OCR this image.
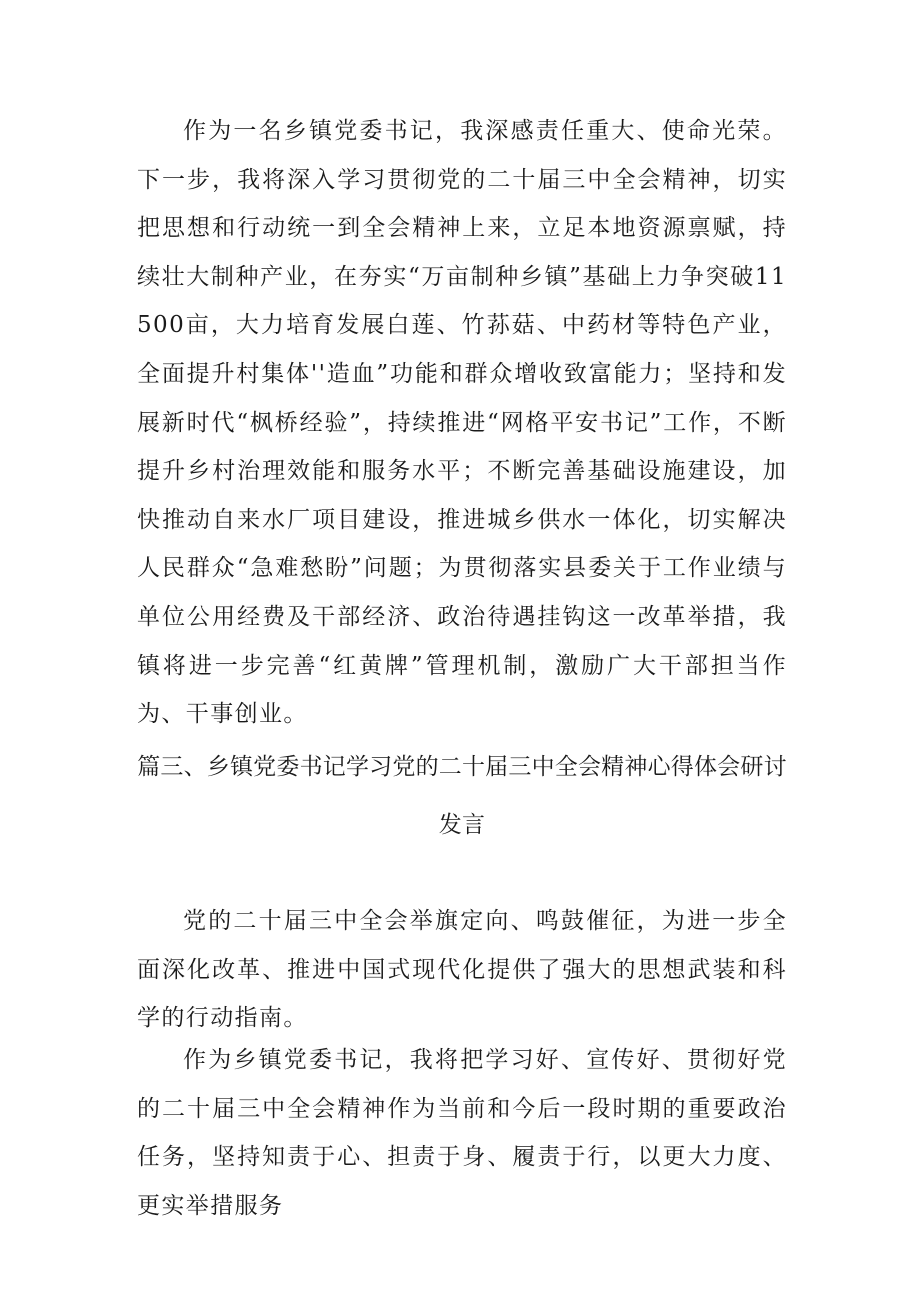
作为一名乡镇党委书记，我深感责任重大、使命光荣。下一步，我将深入学习贯彻党的二十届三中全会精神，切实把思想和行动统一到全会精神上来，立足本地资源禀赋，持续壮大制种产业，在夯实“万亩制种乡镇”基础上力争突破11500亩，大力培育发展白莲、竹荪菇、中药材等特色产业，全面提升村集体''造血”功能和群众增收致富能力；坚持和发展新时代“枫桥经验”，持续推进“网格平安书记”工作，不断提升乡村治理效能和服务水平；不断完善基础设施建设，加快推动自来水厂项目建设，推进城乡供水一体化，切实解决人民群众“急难愁盼”问题；为贯彻落实县委关于工作业绩与单位公用经费及干部经济、政治待遇挂钩这一改革举措，我镇将进一步完善“红黄牌”管理机制，激励广大干部担当作为、干事创业。

篇三、乡镇党委书记学习党的二十届三中全会精神心得体会研讨发言

党的二十届三中全会举旗定向、鸣鼓催征，为进一步全面深化改革、推进中国式现代化提供了强大的思想武装和科学的行动指南。

作为乡镇党委书记，我将把学习好、宣传好、贯彻好党的二十届三中全会精神作为当前和今后一段时期的重要政治任务，坚持知责于心、担责于身、履责于行，以更大力度、更实举措服务
